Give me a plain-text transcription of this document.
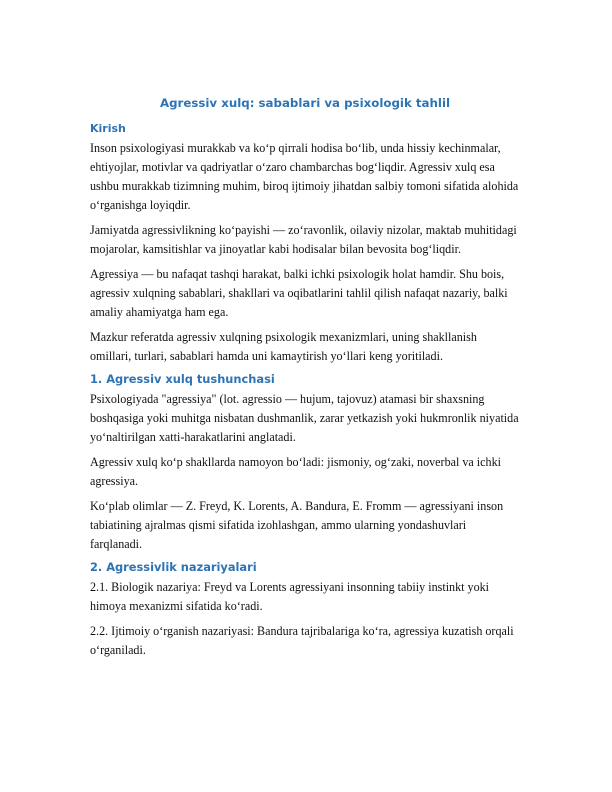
Agressiv xulq: sabablari va psixologik tahlil
Kirish

Inson psixologiyasi murakkab va ko‘p qirrali hodisa bo‘lib, unda hissiy kechinmalar, ehtiyojlar, motivlar va qadriyatlar o‘zaro chambarchas bog‘liqdir. Agressiv xulq esa ushbu murakkab tizimning muhim, biroq ijtimoiy jihatdan salbiy tomoni sifatida alohida o‘rganishga loyiqdir.

Jamiyatda agressivlikning ko‘payishi — zo‘ravonlik, oilaviy nizolar, maktab muhitidagi mojarolar, kamsitishlar va jinoyatlar kabi hodisalar bilan bevosita bog‘liqdir.

Agressiya — bu nafaqat tashqi harakat, balki ichki psixologik holat hamdir. Shu bois, agressiv xulqning sabablari, shakllari va oqibatlarini tahlil qilish nafaqat nazariy, balki amaliy ahamiyatga ham ega.

Mazkur referatda agressiv xulqning psixologik mexanizmlari, uning shakllanish omillari, turlari, sabablari hamda uni kamaytirish yo‘llari keng yoritiladi.

1. Agressiv xulq tushunchasi

Psixologiyada "agressiya" (lot. agressio — hujum, tajovuz) atamasi bir shaxsning boshqasiga yoki muhitga nisbatan dushmanlik, zarar yetkazish yoki hukmronlik niyatida yo‘naltirilgan xatti-harakatlarini anglatadi.

Agressiv xulq ko‘p shakllarda namoyon bo‘ladi: jismoniy, og‘zaki, noverbal va ichki agressiya.

Ko‘plab olimlar — Z. Freyd, K. Lorents, A. Bandura, E. Fromm — agressiyani inson tabiatining ajralmas qismi sifatida izohlashgan, ammo ularning yondashuvlari farqlanadi.

2. Agressivlik nazariyalari

2.1. Biologik nazariya: Freyd va Lorents agressiyani insonning tabiiy instinkt yoki himoya mexanizmi sifatida ko‘radi.

2.2. Ijtimoiy o‘rganish nazariyasi: Bandura tajribalariga ko‘ra, agressiya kuzatish orqali o‘rganiladi.
